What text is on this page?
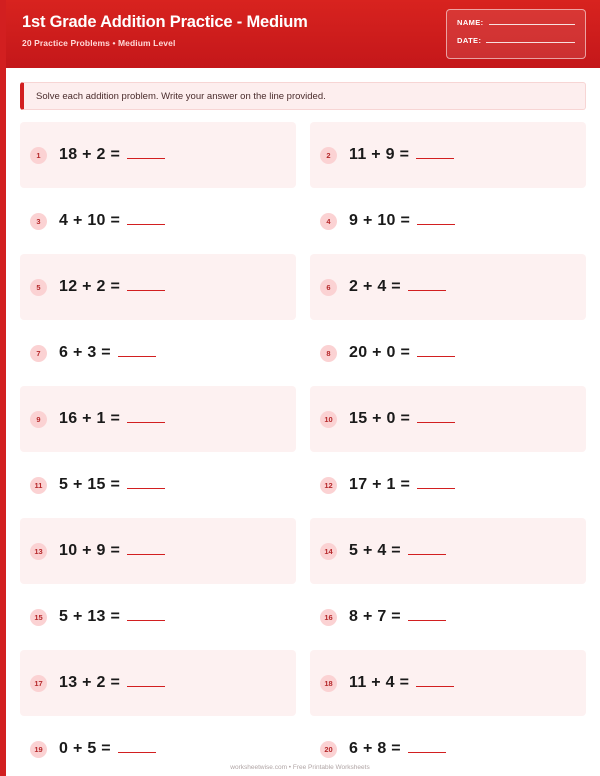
1st Grade Addition Practice - Medium
20 Practice Problems • Medium Level
NAME:
DATE:
Solve each addition problem. Write your answer on the line provided.
1	18 + 2 =	2	11 + 9 =
3	4 + 10 =	4	9 + 10 =
5	12 + 2 =	6	2 + 4 =
7	6 + 3 =	8	20 + 0 =
9	16 + 1 =	10 15 + 0 =
11 5 + 15 =	12 17 + 1 =
13 10 + 9 =	14 5 + 4 =
15 5 + 13 =	16 8 + 7 =
17 13 + 2 =	18 11 + 4 =
19 0 + 5 =	20 6 + 8 =
worksheetwise.com • Free Printable Worksheets
